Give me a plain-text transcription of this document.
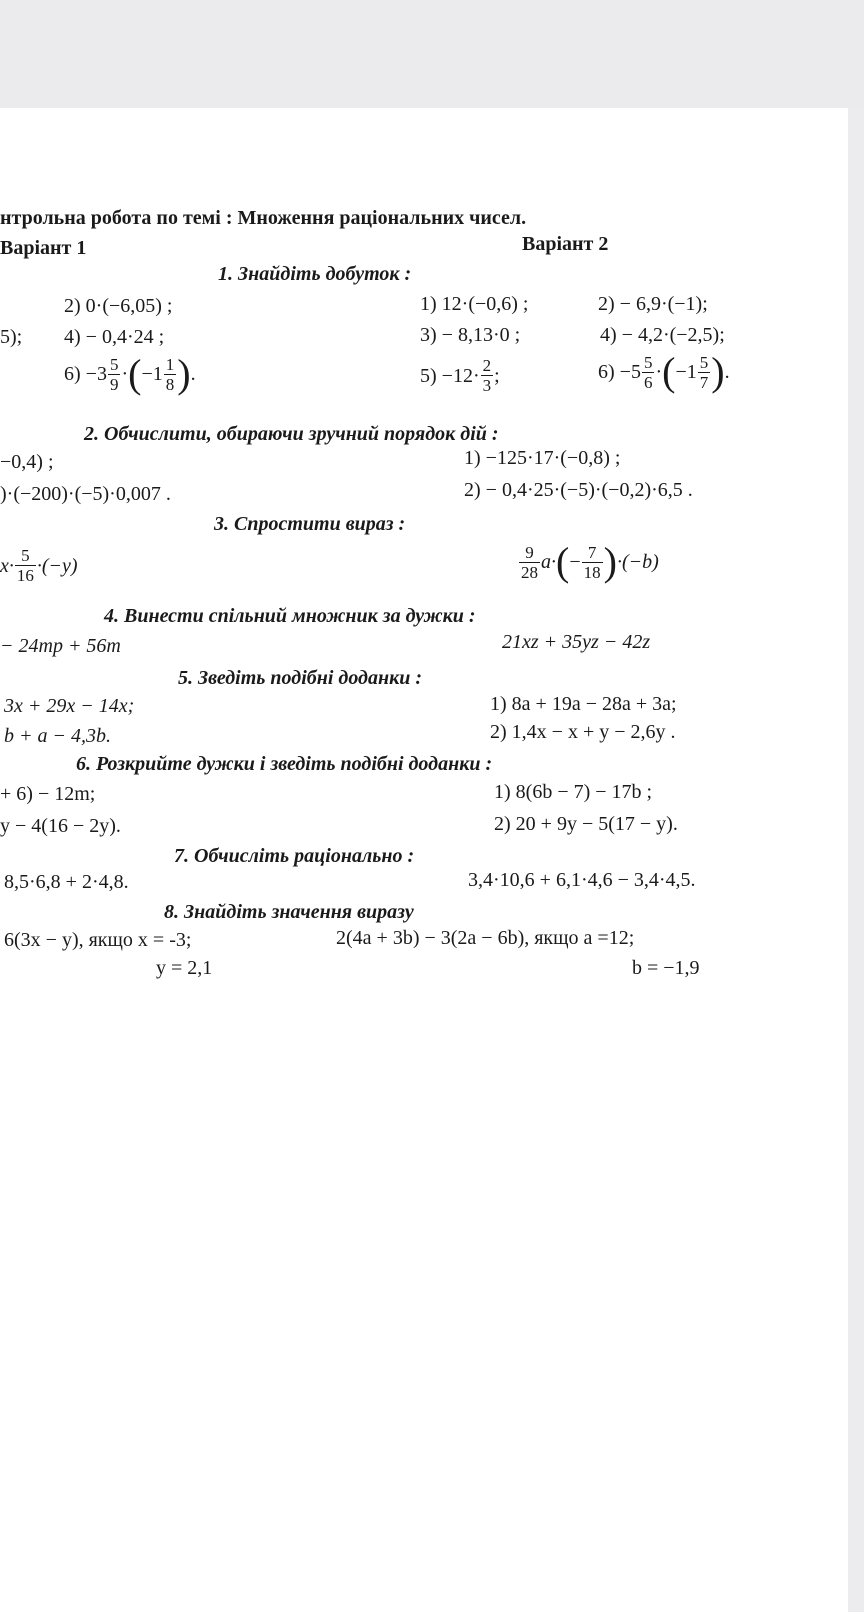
нтрольна робота по темі : Множення раціональних чисел.
Варіант 1	Варіант 2
1. Знайдіть добуток :
2) 0·(−6,05) ;
5); 4) − 0,4·24 ;
$6) -3 \frac{5}{9}$ · ( $-1 \frac{1}{8}$ ) .
1) 12·(−0,6) ;	2) − 6,9·(−1);
3) − 8,13·0 ;	4) − 4,2·(−2,5);
$5) -12\cdot \frac{2}{3}$ ;	$6) -5 \frac{5}{6}$ · ( $-1 \frac{5}{7}$ ) .
2. Обчислити, обираючи зручний порядок дій :
−0,4) ;
)·(−200)·(−5)·0,007 .
1) −125·17·(−0,8) ;
2) − 0,4·25·(−5)·(−0,2)·6,5 .
3. Спростити вираз :
$x\cdot \frac{5}{16} \cdot(-y)$	$\frac{9}{28} a\cdot$ ( − $\frac{7}{18}$ ) ·(−b)
4. Винести спільний множник за дужки :
− 24mp + 56m	21xz + 35yz − 42z
5. Зведіть подібні доданки :
3x + 29x − 14x;
b + a − 4,3b.
1) 8a + 19a − 28a + 3a;
2) 1,4x − x + y − 2,6y .
6. Розкрийте дужки і зведіть подібні доданки :
+ 6) − 12m;
y − 4(16 − 2y).
1) 8(6b − 7) − 17b ;
2) 20 + 9y − 5(17 − y).
7. Обчисліть раціонально :
8,5·6,8 + 2·4,8.	3,4·10,6 + 6,1·4,6 − 3,4·4,5.
8. Знайдіть значення виразу
6(3x − y), якщо x = -3;
y = 2,1
2(4a + 3b) − 3(2a − 6b), якщо a =12;
b = −1,9
